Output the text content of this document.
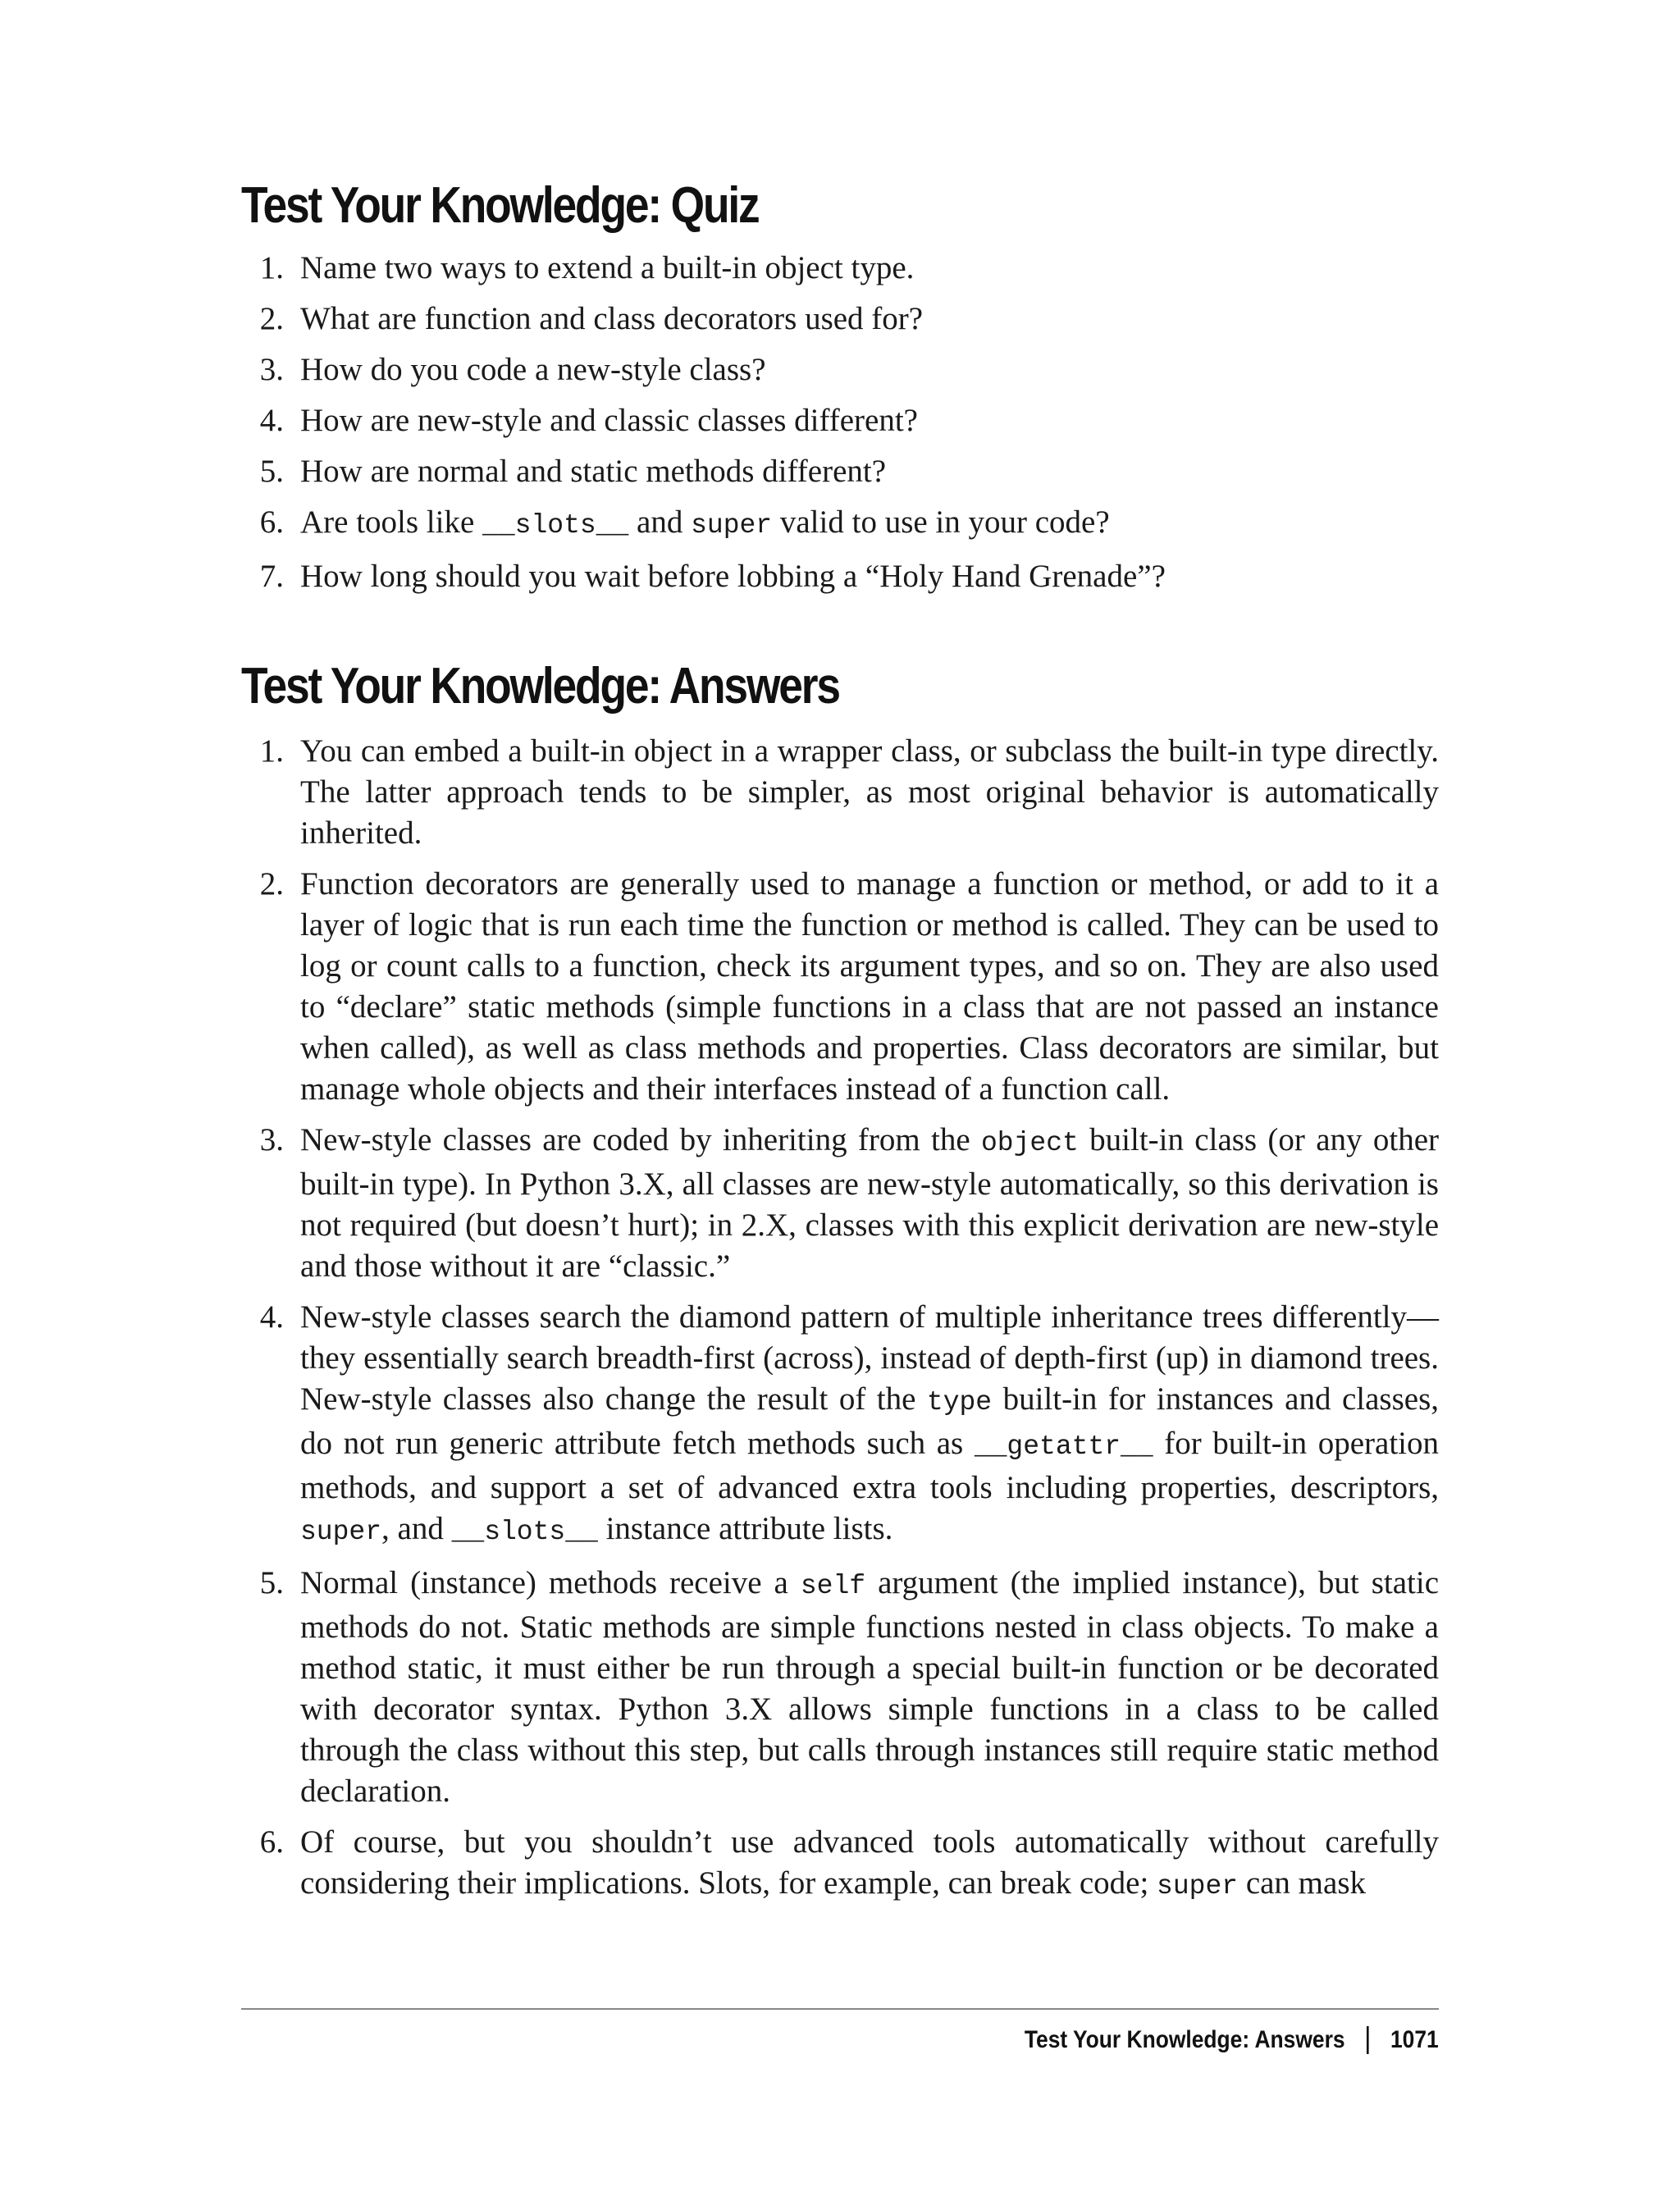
Test Your Knowledge: Quiz
1. Name two ways to extend a built-in object type.
2. What are function and class decorators used for?
3. How do you code a new-style class?
4. How are new-style and classic classes different?
5. How are normal and static methods different?
6. Are tools like __slots__ and super valid to use in your code?
7. How long should you wait before lobbing a “Holy Hand Grenade”?
Test Your Knowledge: Answers
1. You can embed a built-in object in a wrapper class, or subclass the built-in type directly. The latter approach tends to be simpler, as most original behavior is automatically inherited.
2. Function decorators are generally used to manage a function or method, or add to it a layer of logic that is run each time the function or method is called. They can be used to log or count calls to a function, check its argument types, and so on. They are also used to “declare” static methods (simple functions in a class that are not passed an instance when called), as well as class methods and properties. Class decorators are similar, but manage whole objects and their interfaces instead of a function call.
3. New-style classes are coded by inheriting from the object built-in class (or any other built-in type). In Python 3.X, all classes are new-style automatically, so this derivation is not required (but doesn’t hurt); in 2.X, classes with this explicit derivation are new-style and those without it are “classic.”
4. New-style classes search the diamond pattern of multiple inheritance trees differently—they essentially search breadth-first (across), instead of depth-first (up) in diamond trees. New-style classes also change the result of the type built-in for instances and classes, do not run generic attribute fetch methods such as __getattr__ for built-in operation methods, and support a set of advanced extra tools including properties, descriptors, super, and __slots__ instance attribute lists.
5. Normal (instance) methods receive a self argument (the implied instance), but static methods do not. Static methods are simple functions nested in class objects. To make a method static, it must either be run through a special built-in function or be decorated with decorator syntax. Python 3.X allows simple functions in a class to be called through the class without this step, but calls through instances still require static method declaration.
6. Of course, but you shouldn’t use advanced tools automatically without carefully considering their implications. Slots, for example, can break code; super can mask
Test Your Knowledge: Answers 1071
